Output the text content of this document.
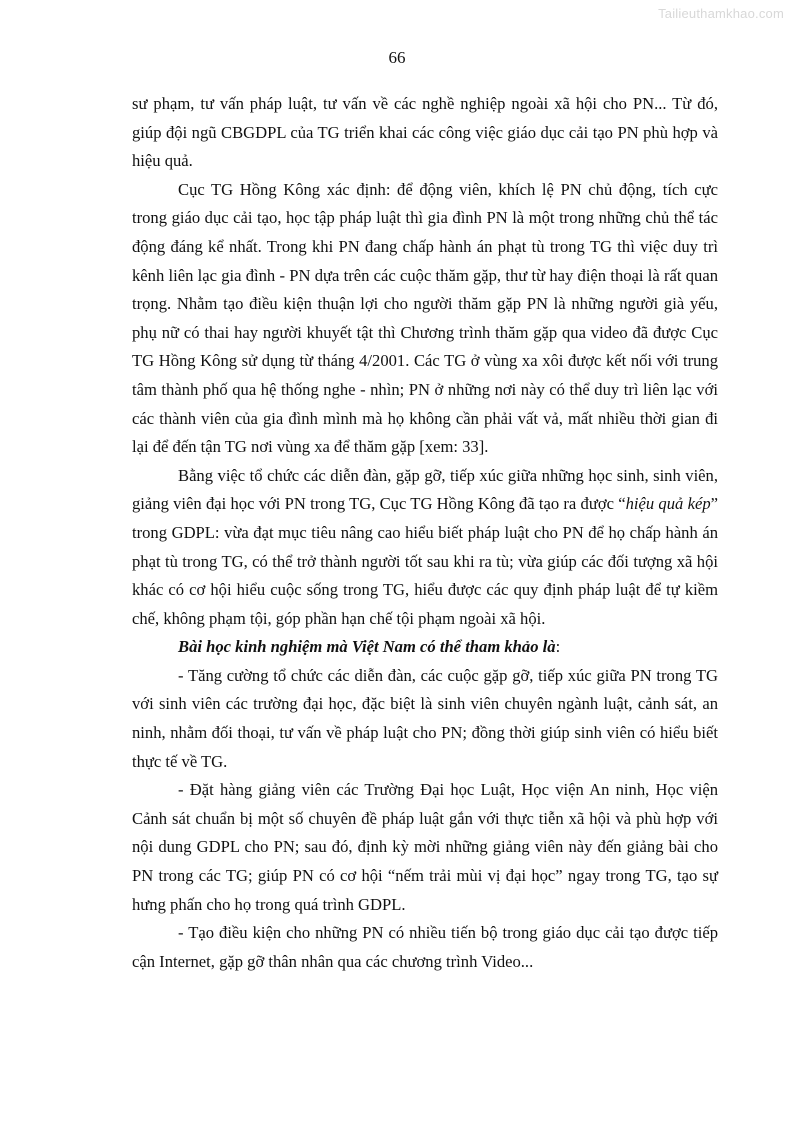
Tailieuthamkhao.com
66

sư phạm, tư vấn pháp luật, tư vấn về các nghề nghiệp ngoài xã hội cho PN... Từ đó, giúp đội ngũ CBGDPL của TG triển khai các công việc giáo dục cải tạo PN phù hợp và hiệu quả.

Cục TG Hồng Kông xác định: để động viên, khích lệ PN chủ động, tích cực trong giáo dục cải tạo, học tập pháp luật thì gia đình PN là một trong những chủ thể tác động đáng kể nhất. Trong khi PN đang chấp hành án phạt tù trong TG thì việc duy trì kênh liên lạc gia đình - PN dựa trên các cuộc thăm gặp, thư từ hay điện thoại là rất quan trọng. Nhằm tạo điều kiện thuận lợi cho người thăm gặp PN là những người già yếu, phụ nữ có thai hay người khuyết tật thì Chương trình thăm gặp qua video đã được Cục TG Hồng Kông sử dụng từ tháng 4/2001. Các TG ở vùng xa xôi được kết nối với trung tâm thành phố qua hệ thống nghe - nhìn; PN ở những nơi này có thể duy trì liên lạc với các thành viên của gia đình mình mà họ không cần phải vất vả, mất nhiều thời gian đi lại để đến tận TG nơi vùng xa để thăm gặp [xem: 33].

Bằng việc tổ chức các diễn đàn, gặp gỡ, tiếp xúc giữa những học sinh, sinh viên, giảng viên đại học với PN trong TG, Cục TG Hồng Kông đã tạo ra được “hiệu quả kép” trong GDPL: vừa đạt mục tiêu nâng cao hiểu biết pháp luật cho PN để họ chấp hành án phạt tù trong TG, có thể trở thành người tốt sau khi ra tù; vừa giúp các đối tượng xã hội khác có cơ hội hiểu cuộc sống trong TG, hiểu được các quy định pháp luật để tự kiềm chế, không phạm tội, góp phần hạn chế tội phạm ngoài xã hội.

Bài học kinh nghiệm mà Việt Nam có thể tham khảo là:

- Tăng cường tổ chức các diễn đàn, các cuộc gặp gỡ, tiếp xúc giữa PN trong TG với sinh viên các trường đại học, đặc biệt là sinh viên chuyên ngành luật, cảnh sát, an ninh, nhằm đối thoại, tư vấn về pháp luật cho PN; đồng thời giúp sinh viên có hiểu biết thực tế về TG.

- Đặt hàng giảng viên các Trường Đại học Luật, Học viện An ninh, Học viện Cảnh sát chuẩn bị một số chuyên đề pháp luật gắn với thực tiễn xã hội và phù hợp với nội dung GDPL cho PN; sau đó, định kỳ mời những giảng viên này đến giảng bài cho PN trong các TG; giúp PN có cơ hội “nếm trải mùi vị đại học” ngay trong TG, tạo sự hưng phấn cho họ trong quá trình GDPL.

- Tạo điều kiện cho những PN có nhiều tiến bộ trong giáo dục cải tạo được tiếp cận Internet, gặp gỡ thân nhân qua các chương trình Video...
